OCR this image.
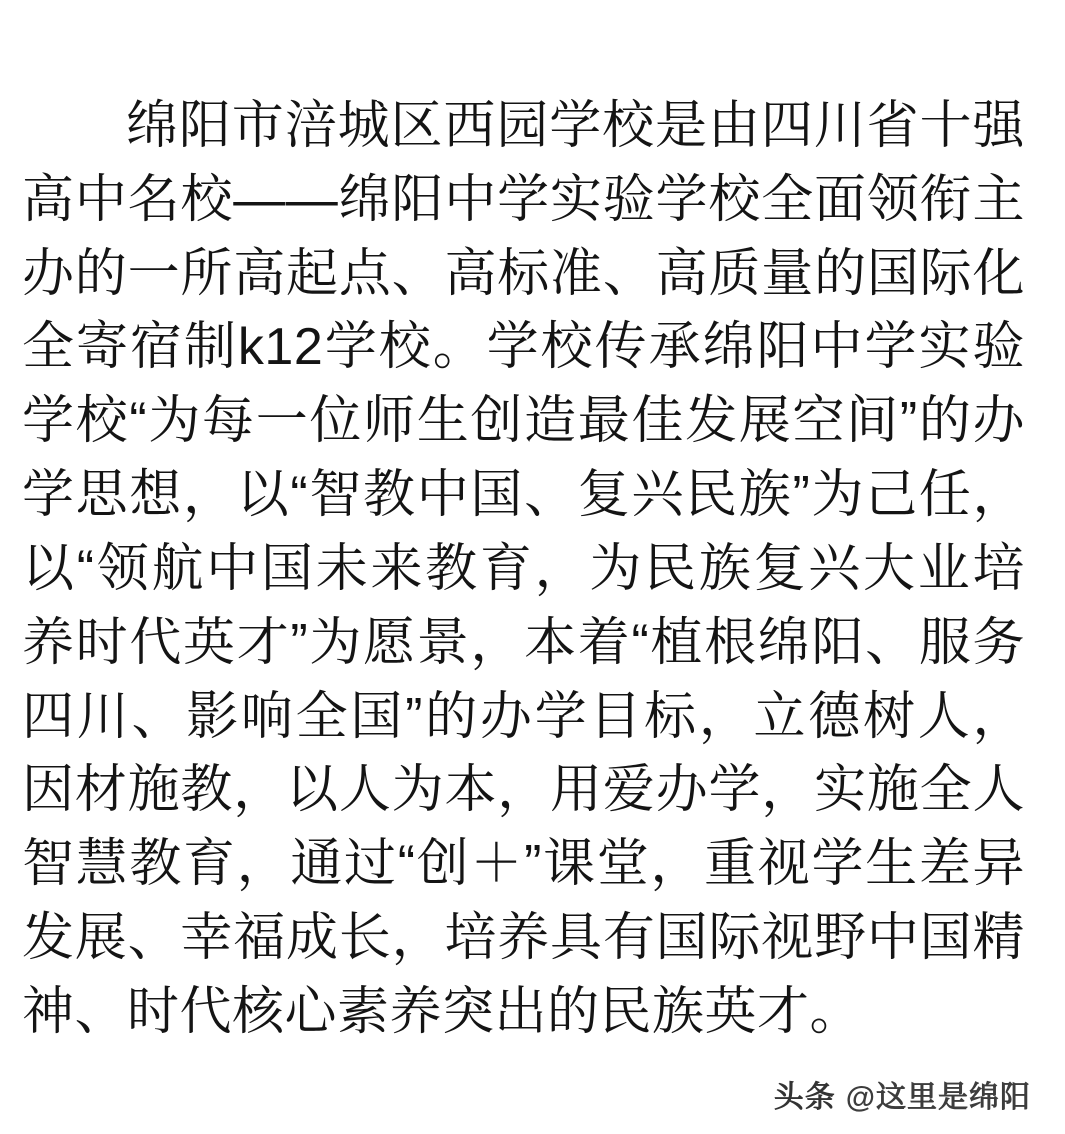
绵阳市涪城区西园学校是由四川省十强高中名校——绵阳中学实验学校全面领衔主办的一所高起点、高标准、高质量的国际化全寄宿制k12学校。学校传承绵阳中学实验学校“为每一位师生创造最佳发展空间”的办学思想，以“智教中国、复兴民族”为己任，以“领航中国未来教育，为民族复兴大业培养时代英才”为愿景，本着“植根绵阳、服务四川、影响全国”的办学目标，立德树人，因材施教，以人为本，用爱办学，实施全人智慧教育，通过“创＋”课堂，重视学生差异发展、幸福成长，培养具有国际视野中国精神、时代核心素养突出的民族英才。

头条 @这里是绵阳
